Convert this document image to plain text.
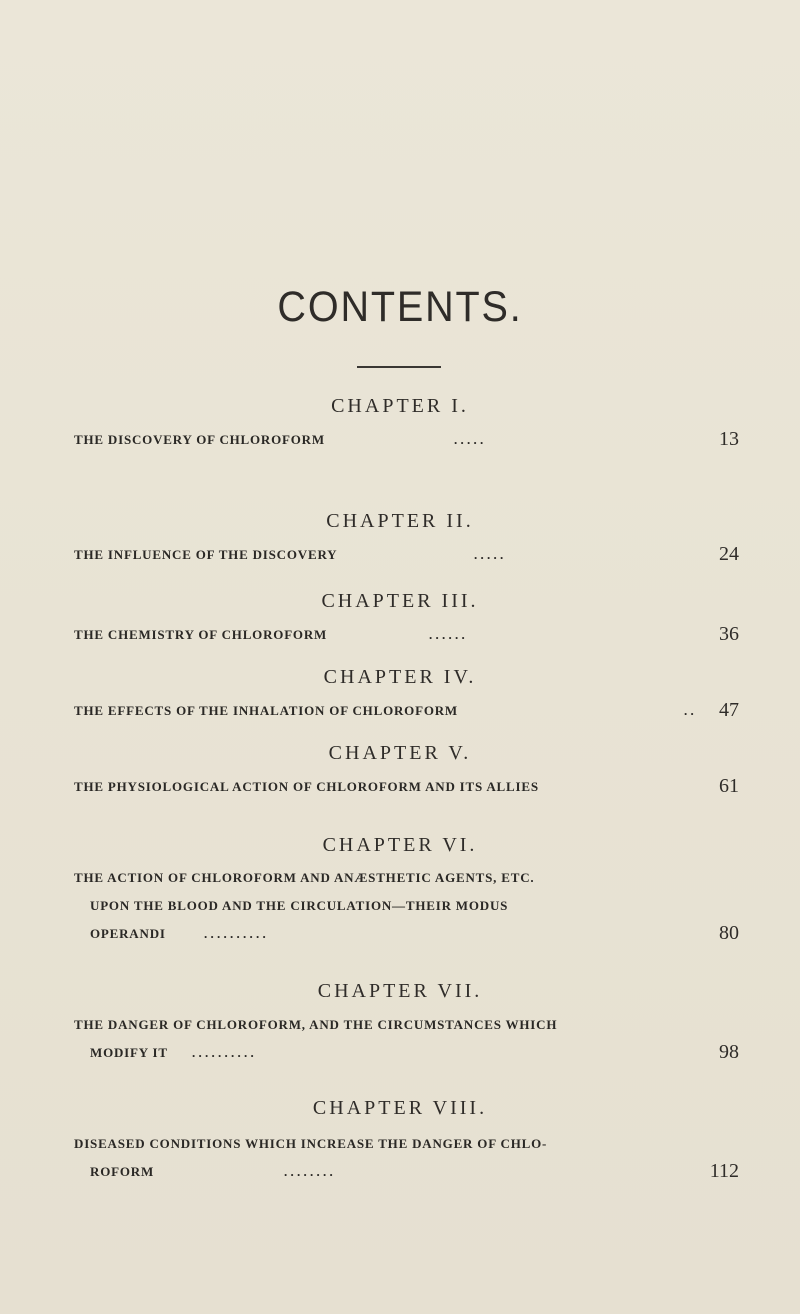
CONTENTS.
CHAPTER I.
THE DISCOVERY OF CHLOROFORM	. . . . .	13
CHAPTER II.
THE INFLUENCE OF THE DISCOVERY	. . . . .	24
CHAPTER III.
THE CHEMISTRY OF CHLOROFORM	. . . . . .	36
CHAPTER IV.
THE EFFECTS OF THE INHALATION OF CHLOROFORM	. . 47
CHAPTER V.
THE PHYSIOLOGICAL ACTION OF CHLOROFORM AND ITS ALLIES	61
CHAPTER VI.
THE ACTION OF CHLOROFORM AND ANÆSTHETIC AGENTS, ETC.
UPON THE BLOOD AND THE CIRCULATION—THEIR MODUS
OPERANDI	. . . . . . . . . .	80
CHAPTER VII.
THE DANGER OF CHLOROFORM, AND THE CIRCUMSTANCES WHICH
MODIFY IT . . . . . . . . . .	98
CHAPTER VIII.
DISEASED CONDITIONS WHICH INCREASE THE DANGER OF CHLO-
ROFORM	. . . . . . . .	112
